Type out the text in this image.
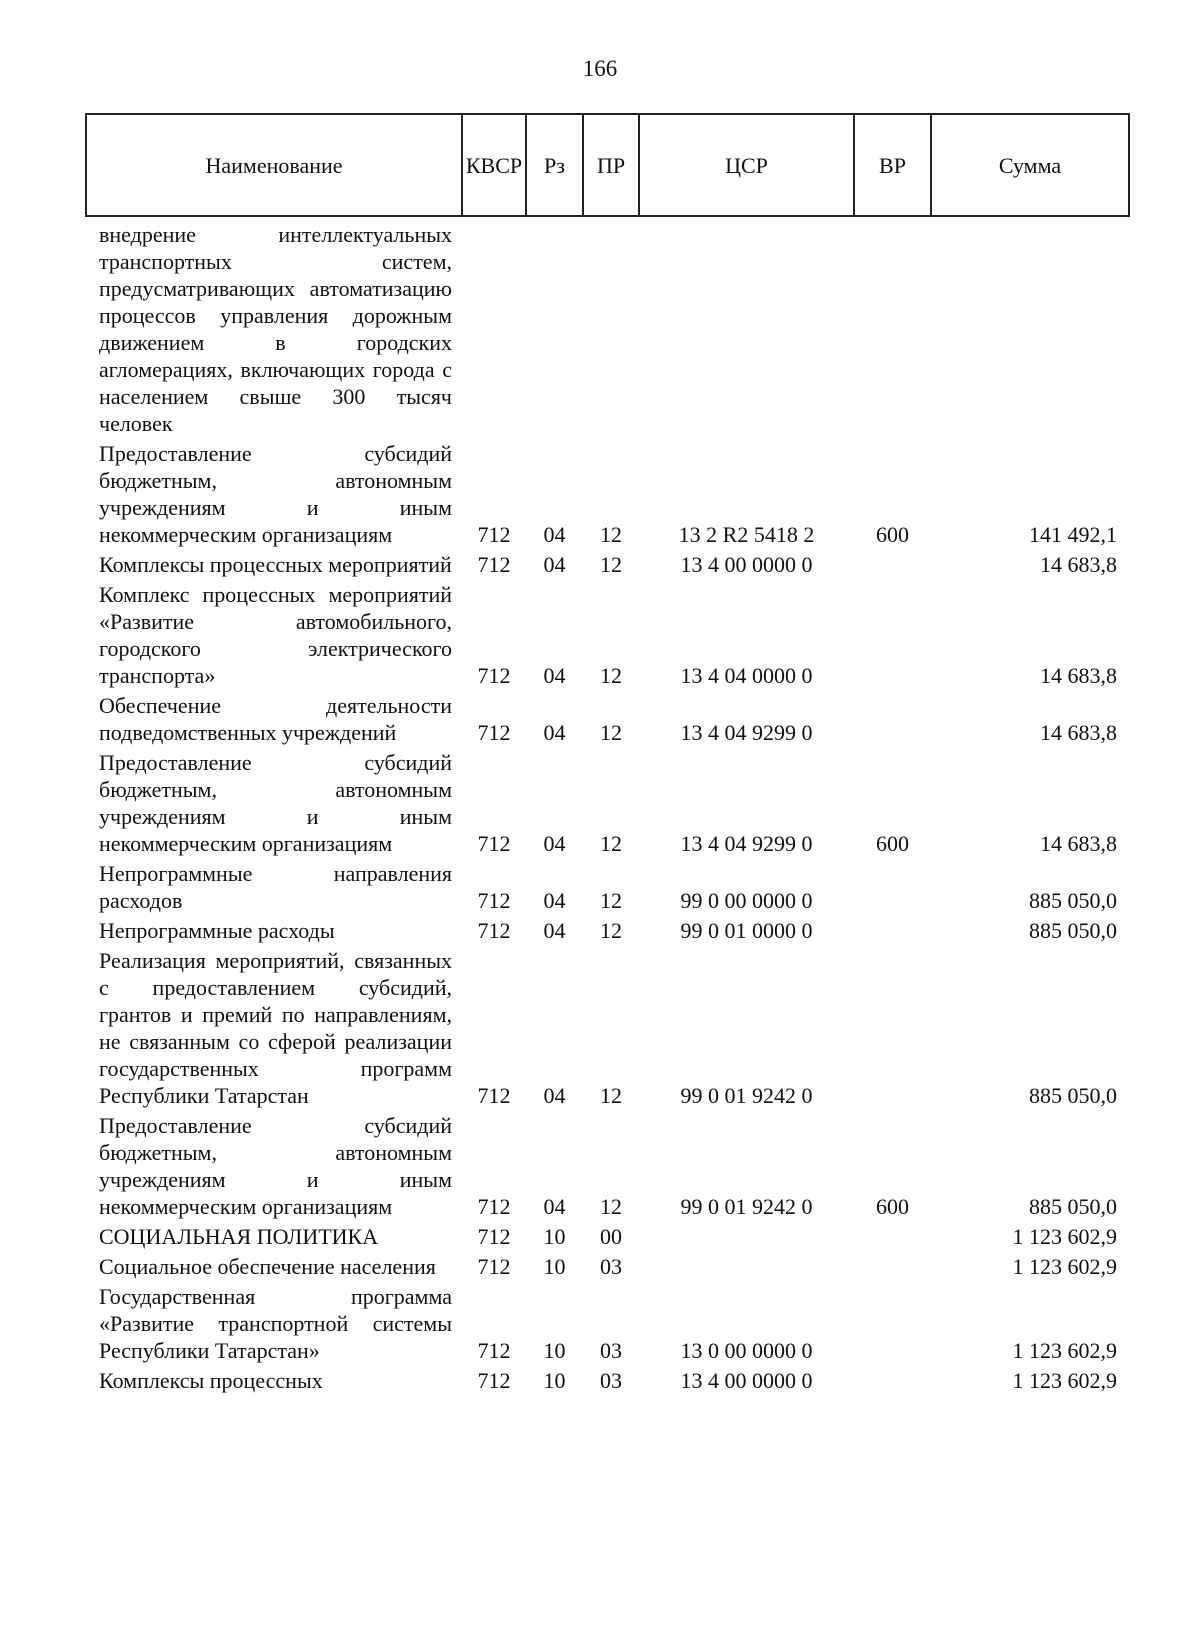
166
Наименование	КВСР	Рз	ПР	ЦСР	ВР	Сумма
внедрение интеллектуальных транспортных систем, предусматривающих автоматизацию процессов управления дорожным движением в городских агломерациях, включающих города с населением свыше 300 тысяч человек						
Предоставление субсидий бюджетным, автономным учреждениям и иным некоммерческим организациям	712	04	12	13 2 R2 5418 2	600	141 492,1
Комплексы процессных мероприятий	712	04	12	13 4 00 0000 0		14 683,8
Комплекс процессных мероприятий «Развитие автомобильного, городского электрического транспорта»	712	04	12	13 4 04 0000 0		14 683,8
Обеспечение деятельности подведомственных учреждений	712	04	12	13 4 04 9299 0		14 683,8
Предоставление субсидий бюджетным, автономным учреждениям и иным некоммерческим организациям	712	04	12	13 4 04 9299 0	600	14 683,8
Непрограммные направления расходов	712	04	12	99 0 00 0000 0		885 050,0
Непрограммные расходы	712	04	12	99 0 01 0000 0		885 050,0
Реализация мероприятий, связанных с предоставлением субсидий, грантов и премий по направлениям, не связанным со сферой реализации государственных программ Республики Татарстан	712	04	12	99 0 01 9242 0		885 050,0
Предоставление субсидий бюджетным, автономным учреждениям и иным некоммерческим организациям	712	04	12	99 0 01 9242 0	600	885 050,0
СОЦИАЛЬНАЯ ПОЛИТИКА	712	10	00			1 123 602,9
Социальное обеспечение населения	712	10	03			1 123 602,9
Государственная программа «Развитие транспортной системы Республики Татарстан»	712	10	03	13 0 00 0000 0		1 123 602,9
Комплексы процессных	712	10	03	13 4 00 0000 0		1 123 602,9
